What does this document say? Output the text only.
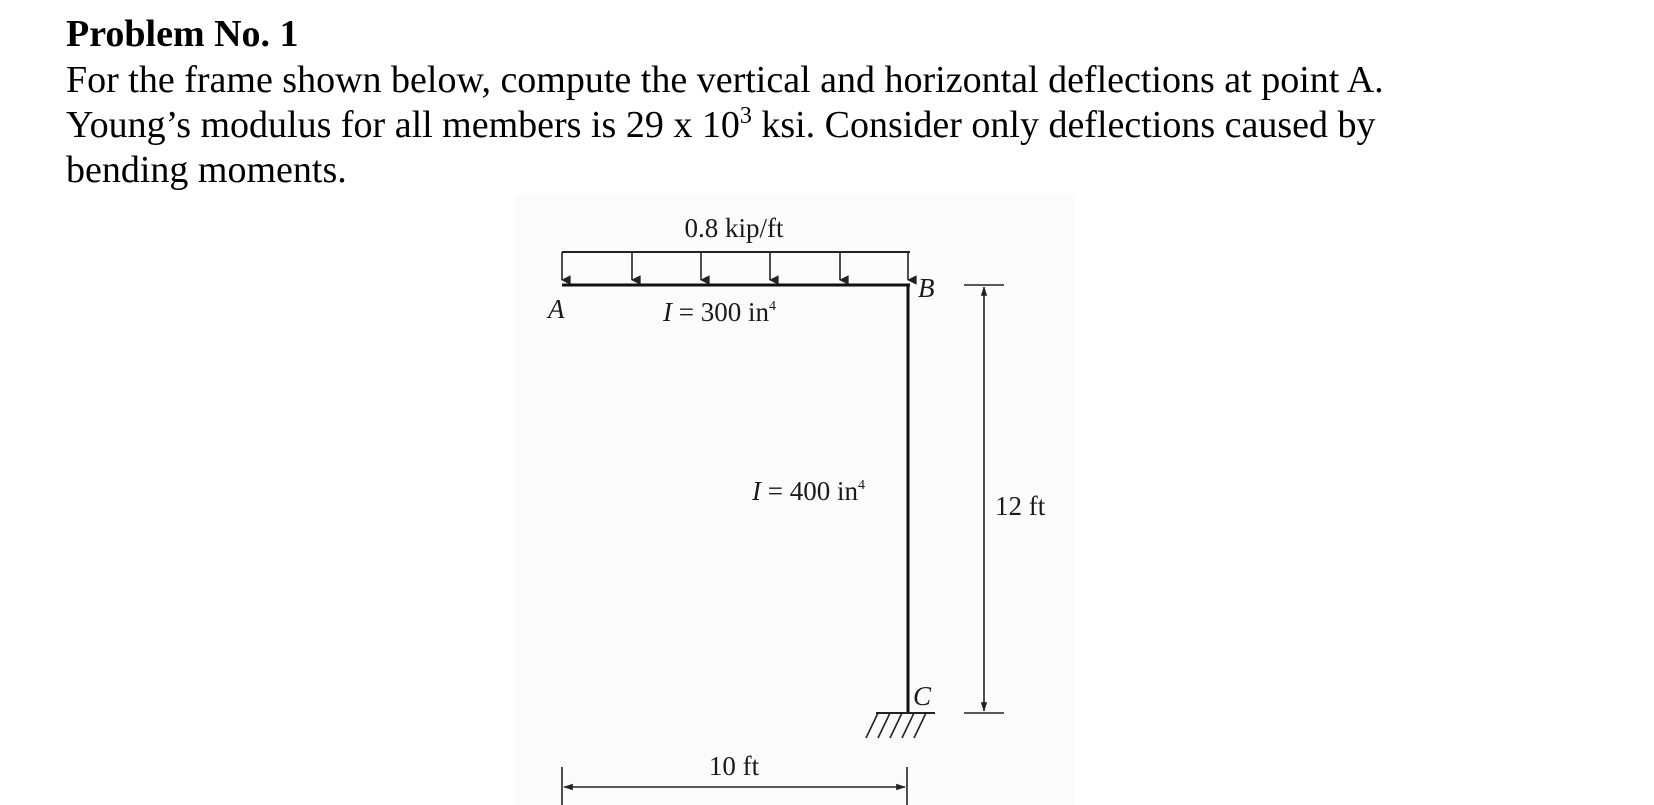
Problem No. 1

For the frame shown below, compute the vertical and horizontal deflections at point A.
Young’s modulus for all members is 29 x $10^3$ ksi. Consider only deflections caused by
bending moments.

0.8 kip/ft
A
B
C
I = 300 $in^4$
I = 400 $in^4$
12 ft
10 ft
